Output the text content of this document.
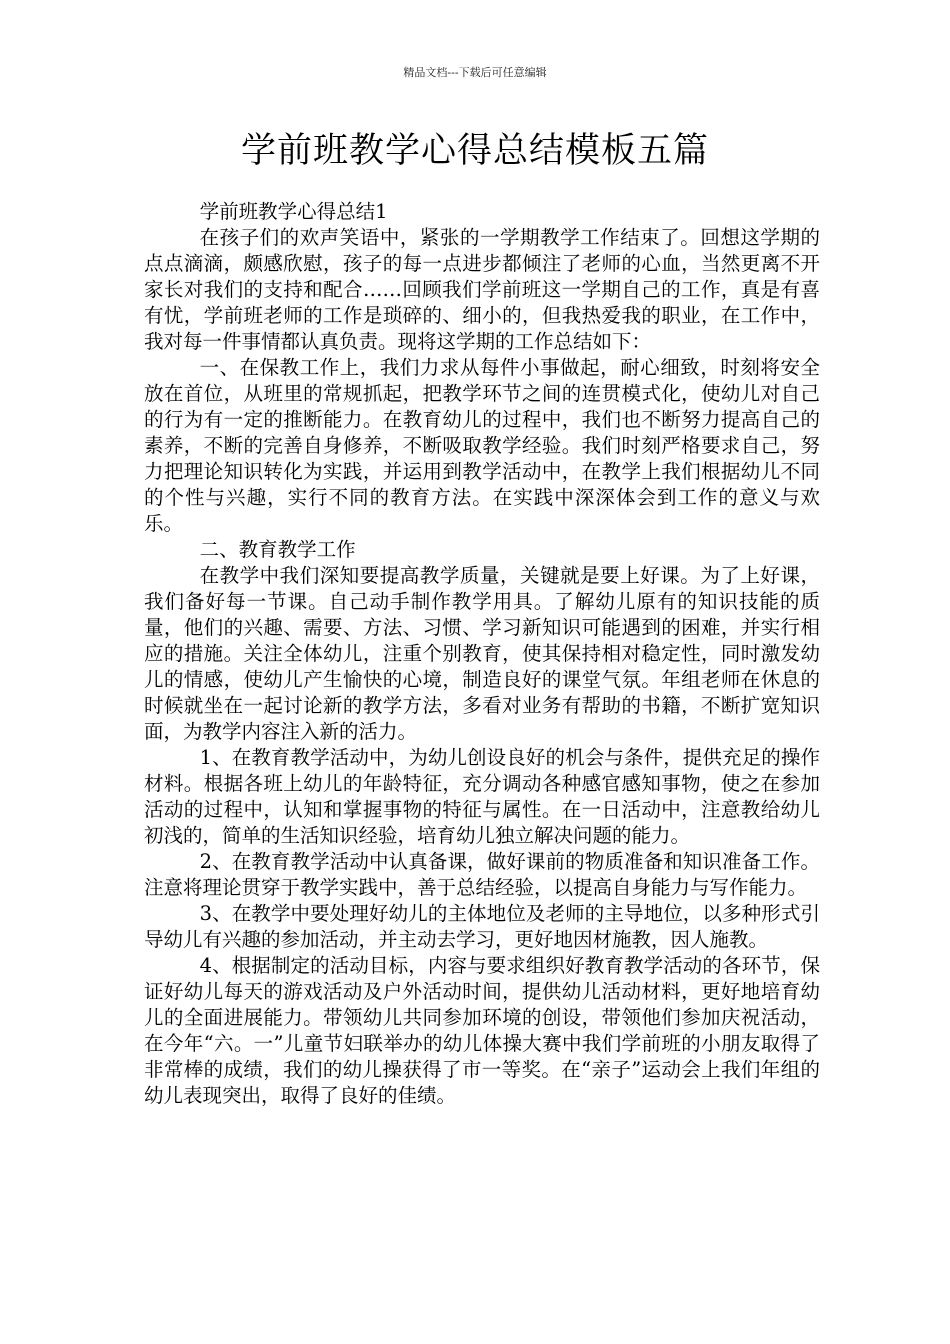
精品文档---下载后可任意编辑
学前班教学心得总结模板五篇

学前班教学心得总结1

在孩子们的欢声笑语中，紧张的一学期教学工作结束了。回想这学期的点点滴滴，颇感欣慰，孩子的每一点进步都倾注了老师的心血，当然更离不开家长对我们的支持和配合……回顾我们学前班这一学期自己的工作，真是有喜有忧，学前班老师的工作是琐碎的、细小的，但我热爱我的职业，在工作中，我对每一件事情都认真负责。现将这学期的工作总结如下：

一、在保教工作上，我们力求从每件小事做起，耐心细致，时刻将安全放在首位，从班里的常规抓起，把教学环节之间的连贯模式化，使幼儿对自己的行为有一定的推断能力。在教育幼儿的过程中，我们也不断努力提高自己的素养，不断的完善自身修养，不断吸取教学经验。我们时刻严格要求自己，努力把理论知识转化为实践，并运用到教学活动中，在教学上我们根据幼儿不同的个性与兴趣，实行不同的教育方法。在实践中深深体会到工作的意义与欢乐。

二、教育教学工作

在教学中我们深知要提高教学质量，关键就是要上好课。为了上好课，我们备好每一节课。自己动手制作教学用具。了解幼儿原有的知识技能的质量，他们的兴趣、需要、方法、习惯、学习新知识可能遇到的困难，并实行相应的措施。关注全体幼儿，注重个别教育，使其保持相对稳定性，同时激发幼儿的情感，使幼儿产生愉快的心境，制造良好的课堂气氛。年组老师在休息的时候就坐在一起讨论新的教学方法，多看对业务有帮助的书籍，不断扩宽知识面，为教学内容注入新的活力。

1、在教育教学活动中，为幼儿创设良好的机会与条件，提供充足的操作材料。根据各班上幼儿的年龄特征，充分调动各种感官感知事物，使之在参加活动的过程中，认知和掌握事物的特征与属性。在一日活动中，注意教给幼儿初浅的，简单的生活知识经验，培育幼儿独立解决问题的能力。

2、在教育教学活动中认真备课，做好课前的物质准备和知识准备工作。注意将理论贯穿于教学实践中，善于总结经验，以提高自身能力与写作能力。

3、在教学中要处理好幼儿的主体地位及老师的主导地位，以多种形式引导幼儿有兴趣的参加活动，并主动去学习，更好地因材施教，因人施教。

4、根据制定的活动目标，内容与要求组织好教育教学活动的各环节，保证好幼儿每天的游戏活动及户外活动时间，提供幼儿活动材料，更好地培育幼儿的全面进展能力。带领幼儿共同参加环境的创设，带领他们参加庆祝活动，在今年“六。一”儿童节妇联举办的幼儿体操大赛中我们学前班的小朋友取得了非常棒的成绩，我们的幼儿操获得了市一等奖。在“亲子”运动会上我们年组的幼儿表现突出，取得了良好的佳绩。
